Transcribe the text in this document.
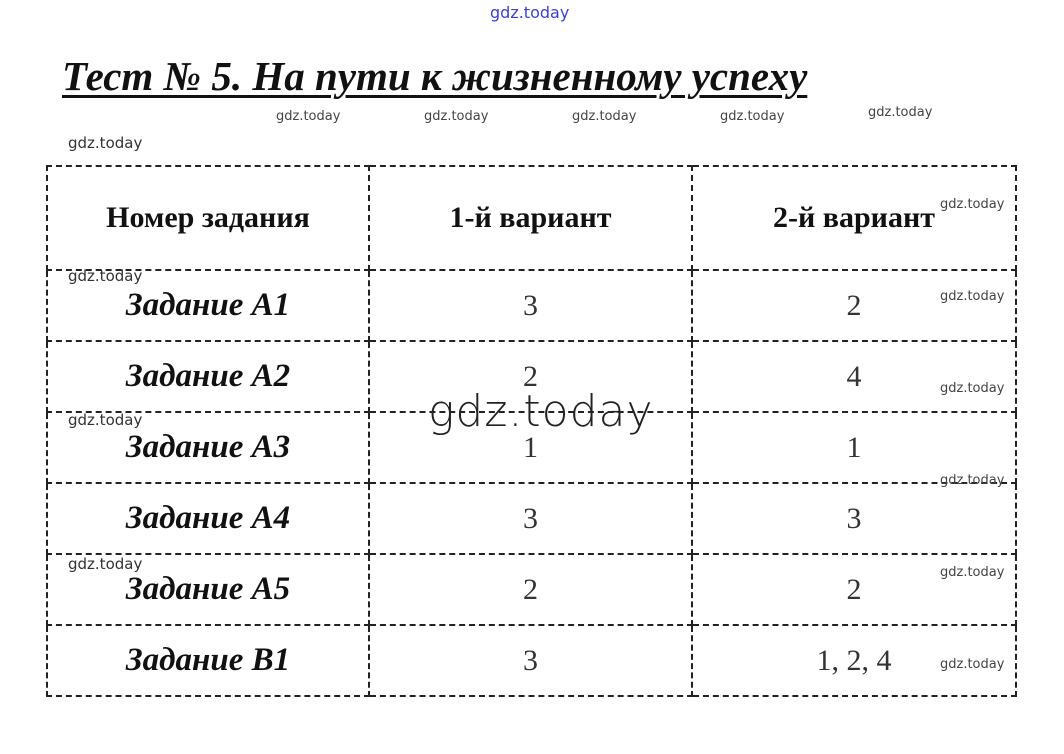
gdz.today
gdz.today	gdz.today	gdz.today	gdz.today	gdz.today
gdz.today
Тест № 5. На пути к жизненному успеху
Номер задания	1-й вариант	2-й вариант
Задание А1	3	2
Задание А2	2	4
Задание А3	1	1
Задание А4	3	3
Задание А5	2	2
Задание В1	3	1, 2, 4
gdz.today
gdz.today
gdz.today
gdz.today
gdz.today
gdz.today
gdz.today
gdz.today
gdz.today
gdz.today
